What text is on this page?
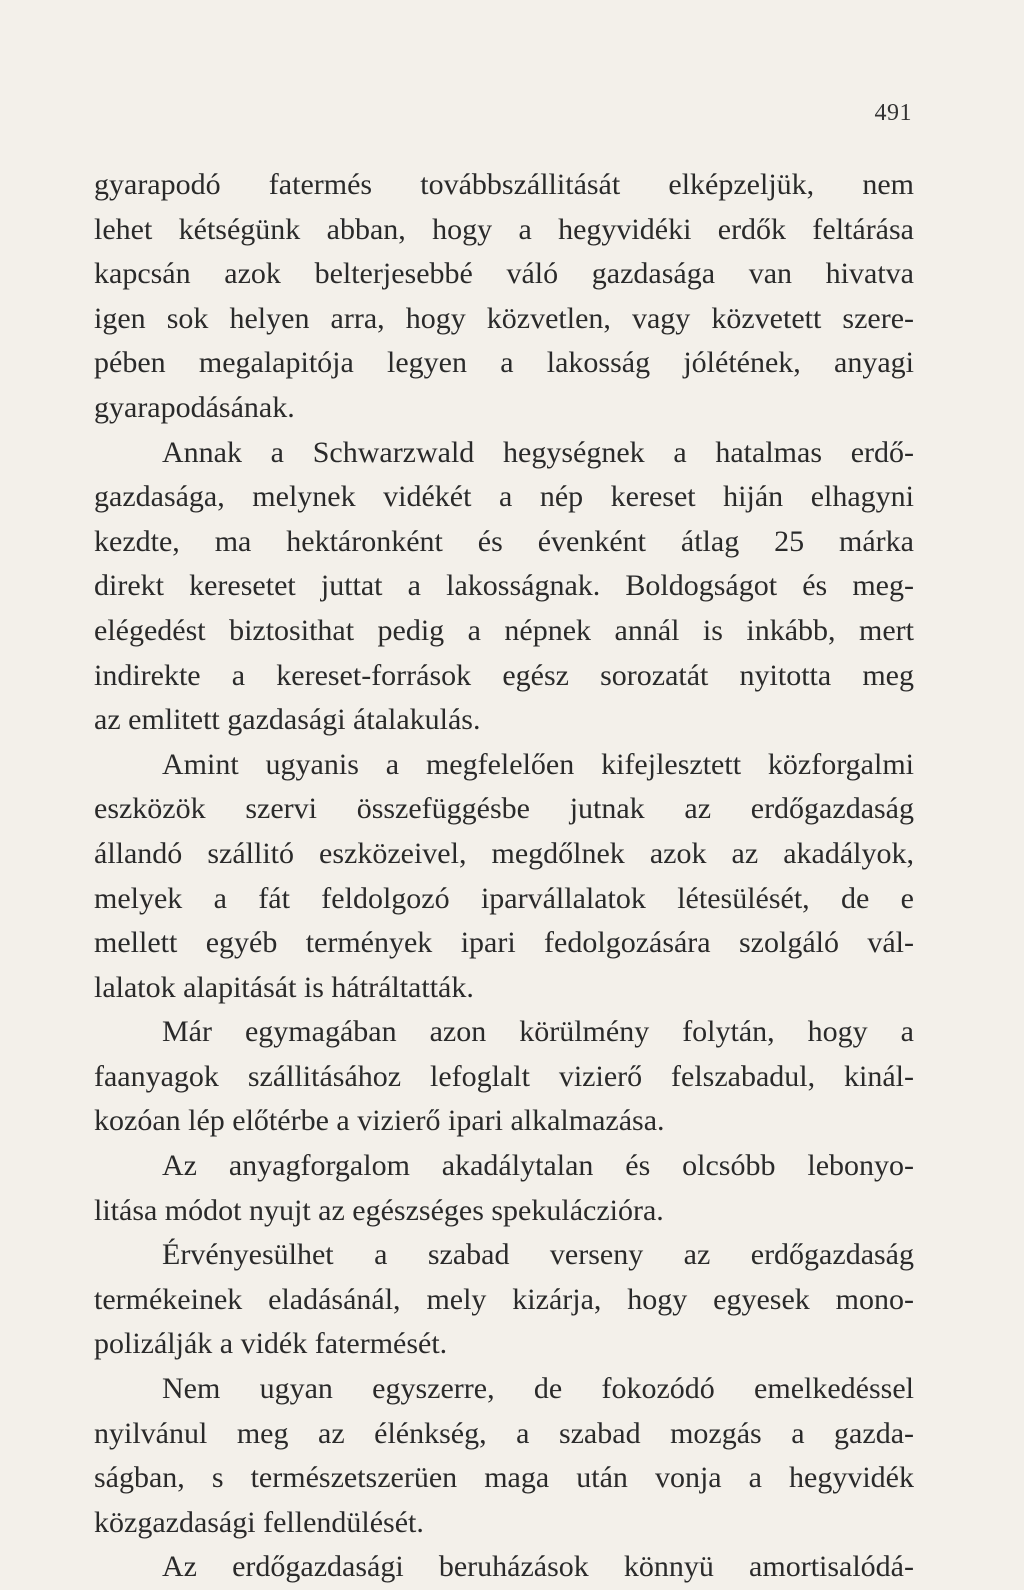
491
gyarapodó fatermés továbbszállitását elképzeljük, nem
lehet kétségünk abban, hogy a hegyvidéki erdők feltárása
kapcsán azok belterjesebbé váló gazdasága van hivatva
igen sok helyen arra, hogy közvetlen, vagy közvetett szere-
pében megalapitója legyen a lakosság jólétének, anyagi
gyarapodásának.
Annak a Schwarzwald hegységnek a hatalmas erdő-
gazdasága, melynek vidékét a nép kereset hiján elhagyni
kezdte, ma hektáronként és évenként átlag 25 márka
direkt keresetet juttat a lakosságnak. Boldogságot és meg-
elégedést biztosithat pedig a népnek annál is inkább, mert
indirekte a kereset-források egész sorozatát nyitotta meg
az emlitett gazdasági átalakulás.
Amint ugyanis a megfelelően kifejlesztett közforgalmi
eszközök szervi összefüggésbe jutnak az erdőgazdaság
állandó szállitó eszközeivel, megdőlnek azok az akadályok,
melyek a fát feldolgozó iparvállalatok létesülését, de e
mellett egyéb termények ipari fedolgozására szolgáló vál-
lalatok alapitását is hátráltatták.
Már egymagában azon körülmény folytán, hogy a
faanyagok szállitásához lefoglalt vizierő felszabadul, kinál-
kozóan lép előtérbe a vizierő ipari alkalmazása.
Az anyagforgalom akadálytalan és olcsóbb lebonyo-
litása módot nyujt az egészséges spekuláczióra.
Érvényesülhet a szabad verseny az erdőgazdaság
termékeinek eladásánál, mely kizárja, hogy egyesek mono-
polizálják a vidék fatermését.
Nem ugyan egyszerre, de fokozódó emelkedéssel
nyilvánul meg az élénkség, a szabad mozgás a gazda-
ságban, s természetszerüen maga után vonja a hegyvidék
közgazdasági fellendülését.
Az erdőgazdasági beruházások könnyü amortisalódá-
